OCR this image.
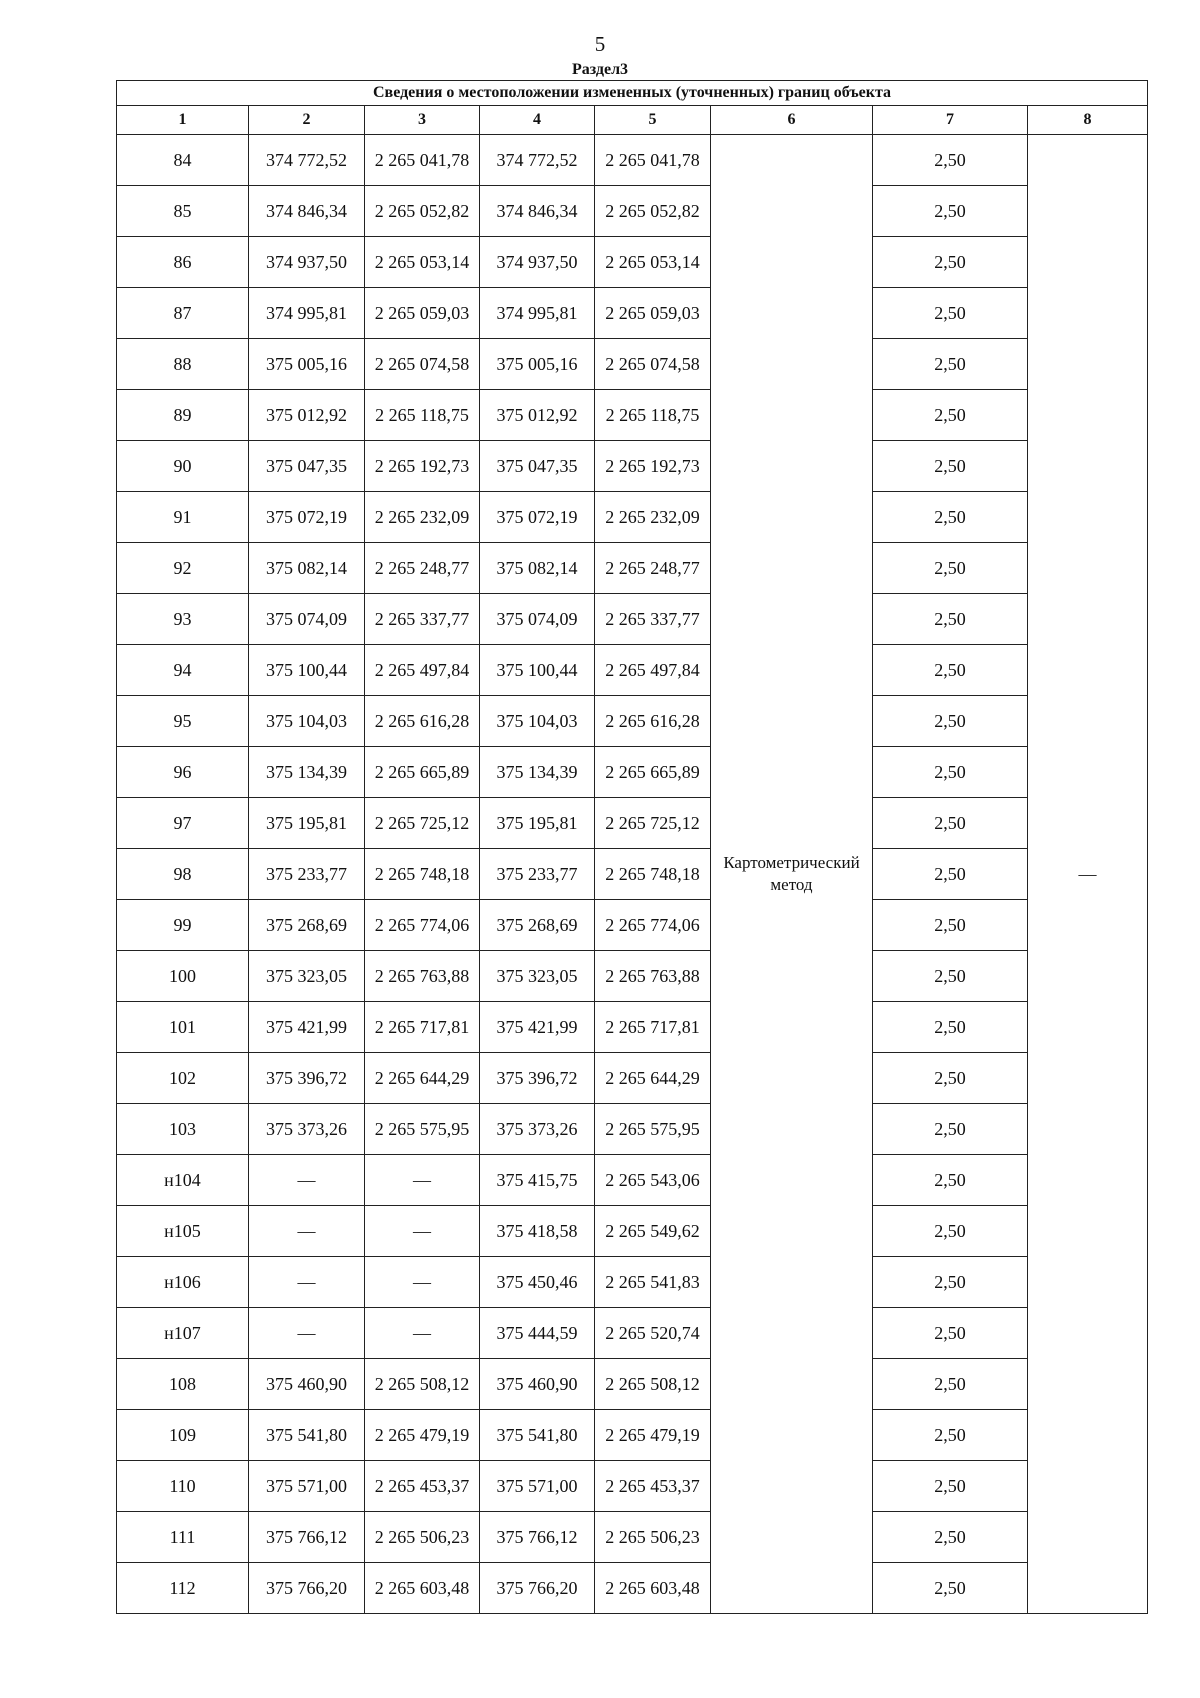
5
Раздел3
Сведения о местоположении измененных (уточненных) границ объекта							
1	2	3	4	5	6	7	8
84	374 772,52	2 265 041,78	374 772,52	2 265 041,78	Картометрический метод	2,50	—
85	374 846,34	2 265 052,82	374 846,34	2 265 052,82		2,50	
86	374 937,50	2 265 053,14	374 937,50	2 265 053,14		2,50	
87	374 995,81	2 265 059,03	374 995,81	2 265 059,03		2,50	
88	375 005,16	2 265 074,58	375 005,16	2 265 074,58		2,50	
89	375 012,92	2 265 118,75	375 012,92	2 265 118,75		2,50	
90	375 047,35	2 265 192,73	375 047,35	2 265 192,73		2,50	
91	375 072,19	2 265 232,09	375 072,19	2 265 232,09		2,50	
92	375 082,14	2 265 248,77	375 082,14	2 265 248,77		2,50	
93	375 074,09	2 265 337,77	375 074,09	2 265 337,77		2,50	
94	375 100,44	2 265 497,84	375 100,44	2 265 497,84		2,50	
95	375 104,03	2 265 616,28	375 104,03	2 265 616,28		2,50	
96	375 134,39	2 265 665,89	375 134,39	2 265 665,89		2,50	
97	375 195,81	2 265 725,12	375 195,81	2 265 725,12		2,50	
98	375 233,77	2 265 748,18	375 233,77	2 265 748,18		2,50	
99	375 268,69	2 265 774,06	375 268,69	2 265 774,06		2,50	
100	375 323,05	2 265 763,88	375 323,05	2 265 763,88		2,50	
101	375 421,99	2 265 717,81	375 421,99	2 265 717,81		2,50	
102	375 396,72	2 265 644,29	375 396,72	2 265 644,29		2,50	
103	375 373,26	2 265 575,95	375 373,26	2 265 575,95		2,50	
н104	—	—	375 415,75	2 265 543,06		2,50	
н105	—	—	375 418,58	2 265 549,62		2,50	
н106	—	—	375 450,46	2 265 541,83		2,50	
н107	—	—	375 444,59	2 265 520,74		2,50	
108	375 460,90	2 265 508,12	375 460,90	2 265 508,12		2,50	
109	375 541,80	2 265 479,19	375 541,80	2 265 479,19		2,50	
110	375 571,00	2 265 453,37	375 571,00	2 265 453,37		2,50	
111	375 766,12	2 265 506,23	375 766,12	2 265 506,23		2,50	
112	375 766,20	2 265 603,48	375 766,20	2 265 603,48		2,50	
